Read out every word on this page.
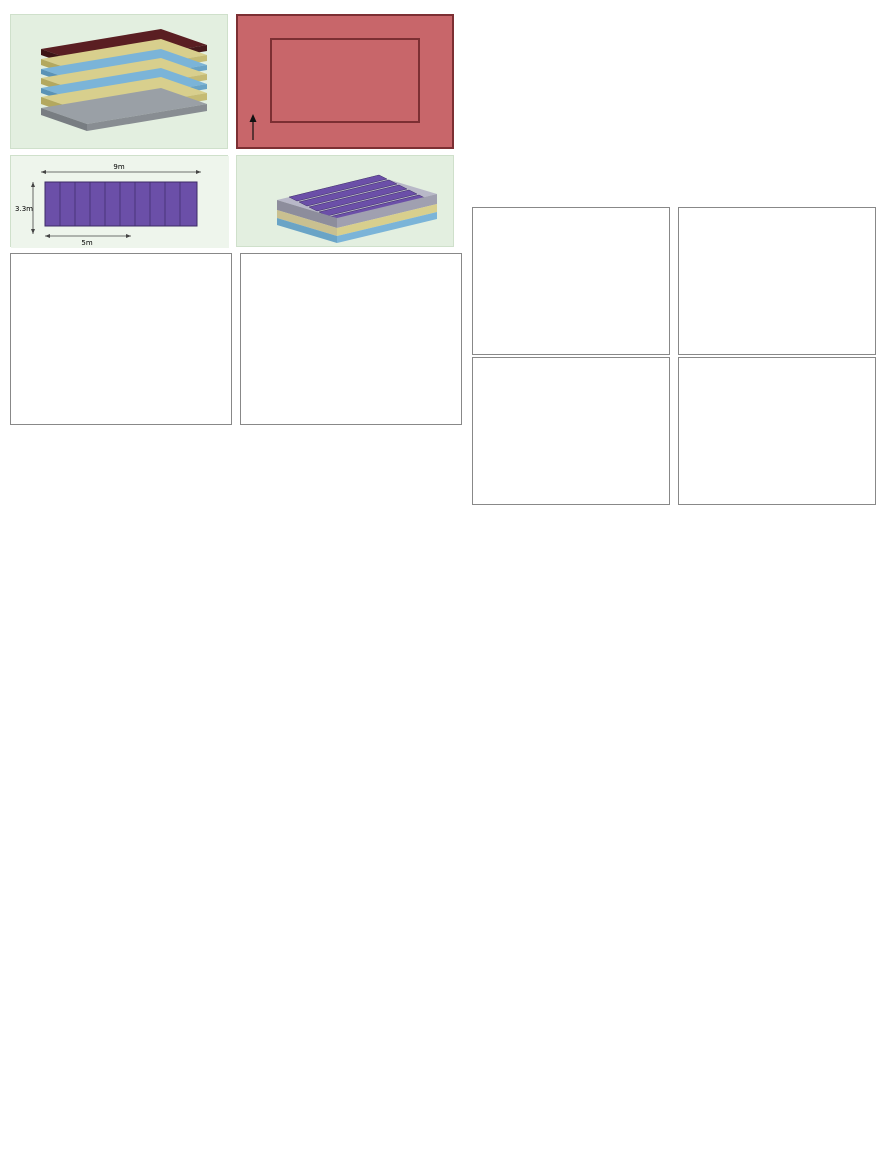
9m
3.3m
5m
